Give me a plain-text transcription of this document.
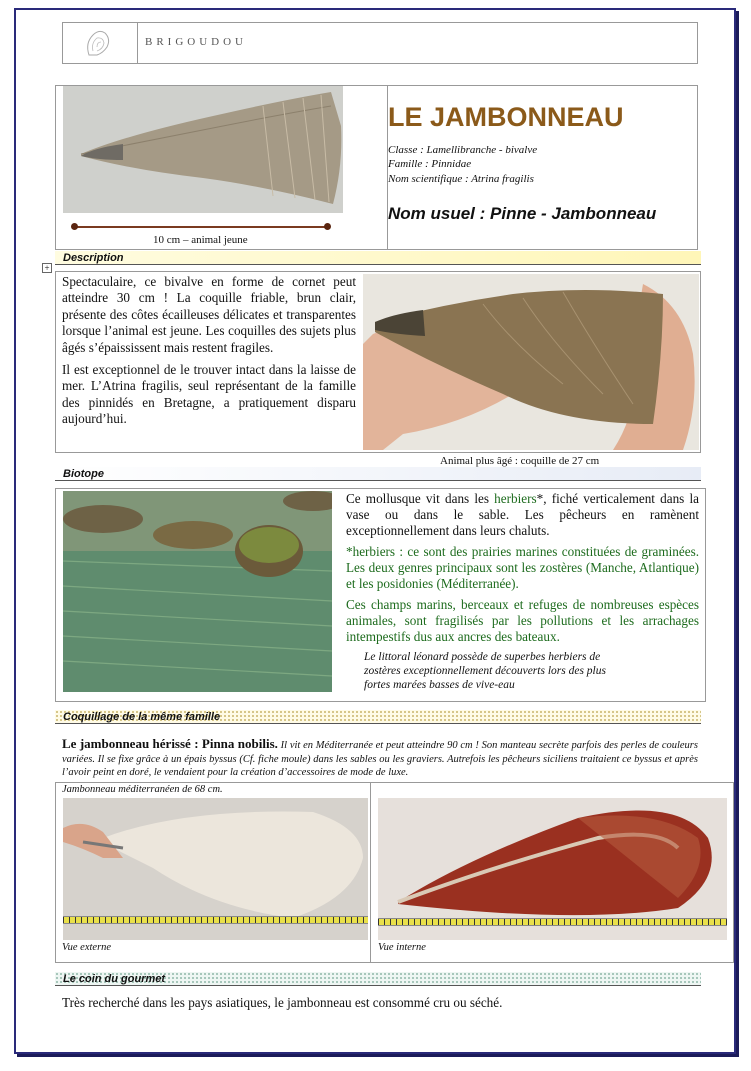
BRIGOUDOU
10 cm – animal jeune
LE JAMBONNEAU
Classe : Lamellibranche - bivalve
Famille : Pinnidae
Nom scientifique : Atrina fragilis
Nom usuel : Pinne - Jambonneau
+
Description

Spectaculaire, ce bivalve en forme de cornet peut atteindre 30 cm ! La coquille friable, brun clair, présente des côtes écailleuses délicates et transparentes lorsque l’animal est jeune. Les coquilles des sujets plus âgés s’épaississent mais restent fragiles.

Il est exceptionnel de le trouver intact dans la laisse de mer. L’Atrina fragilis, seul représentant de la famille des pinnidés en Bretagne, a pratiquement disparu aujourd’hui.

Animal plus âgé : coquille de 27 cm
Biotope

Ce mollusque vit dans les herbiers*, fiché verticalement dans la vase ou dans le sable. Les pêcheurs en ramènent exceptionnellement dans leurs chaluts.

*herbiers : ce sont des prairies marines constituées de graminées. Les deux genres principaux sont les zostères (Manche, Atlantique) et les posidonies (Méditerranée).

Ces champs marins, berceaux et refuges de nombreuses espèces animales, sont fragilisés par les pollutions et les arrachages intempestifs dus aux ancres des bateaux.

Le littoral léonard possède de superbes herbiers de zostères exceptionnellement découverts lors des plus fortes marées basses de vive-eau

Coquillage de la même famille
Le jambonneau hérissé : Pinna nobilis. Il vit en Méditerranée et peut atteindre 90 cm ! Son manteau secrète parfois des perles de couleurs variées. Il se fixe grâce à un épais byssus (Cf. fiche moule) dans les sables ou les graviers. Autrefois les pêcheurs siciliens traitaient ce byssus et après l’avoir peint en doré, le vendaient pour la création d’accessoires de mode de luxe.
Jambonneau méditerranéen de 68 cm.
Vue externe	Vue interne
Le coin du gourmet
Très recherché dans les pays asiatiques, le jambonneau est consommé cru ou séché.
